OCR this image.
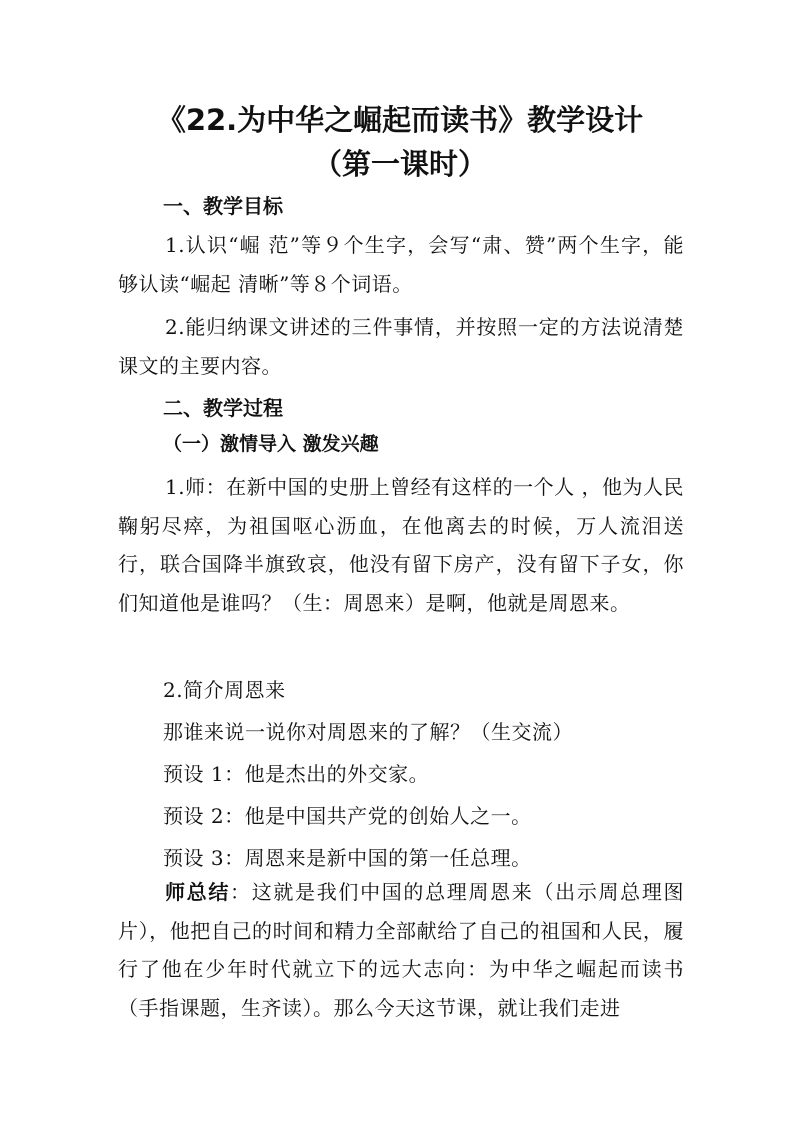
《22.为中华之崛起而读书》教学设计
（第一课时）
一、教学目标
1.认识“崛 范”等９个生字，会写“肃、赞”两个生字，能够认读“崛起 清晰”等８个词语。
2.能归纳课文讲述的三件事情，并按照一定的方法说清楚课文的主要内容。
二、教学过程
（一）激情导入 激发兴趣
1.师：在新中国的史册上曾经有这样的一个人 ，他为人民鞠躬尽瘁，为祖国呕心沥血，在他离去的时候，万人流泪送行，联合国降半旗致哀，他没有留下房产，没有留下子女，你们知道他是谁吗？（生：周恩来）是啊，他就是周恩来。
2.简介周恩来
那谁来说一说你对周恩来的了解？（生交流）
预设 1：他是杰出的外交家。
预设 2：他是中国共产党的创始人之一。
预设 3：周恩来是新中国的第一任总理。
师总结：这就是我们中国的总理周恩来（出示周总理图片），他把自己的时间和精力全部献给了自己的祖国和人民，履行了他在少年时代就立下的远大志向：为中华之崛起而读书（手指课题，生齐读）。那么今天这节课，就让我们走进
